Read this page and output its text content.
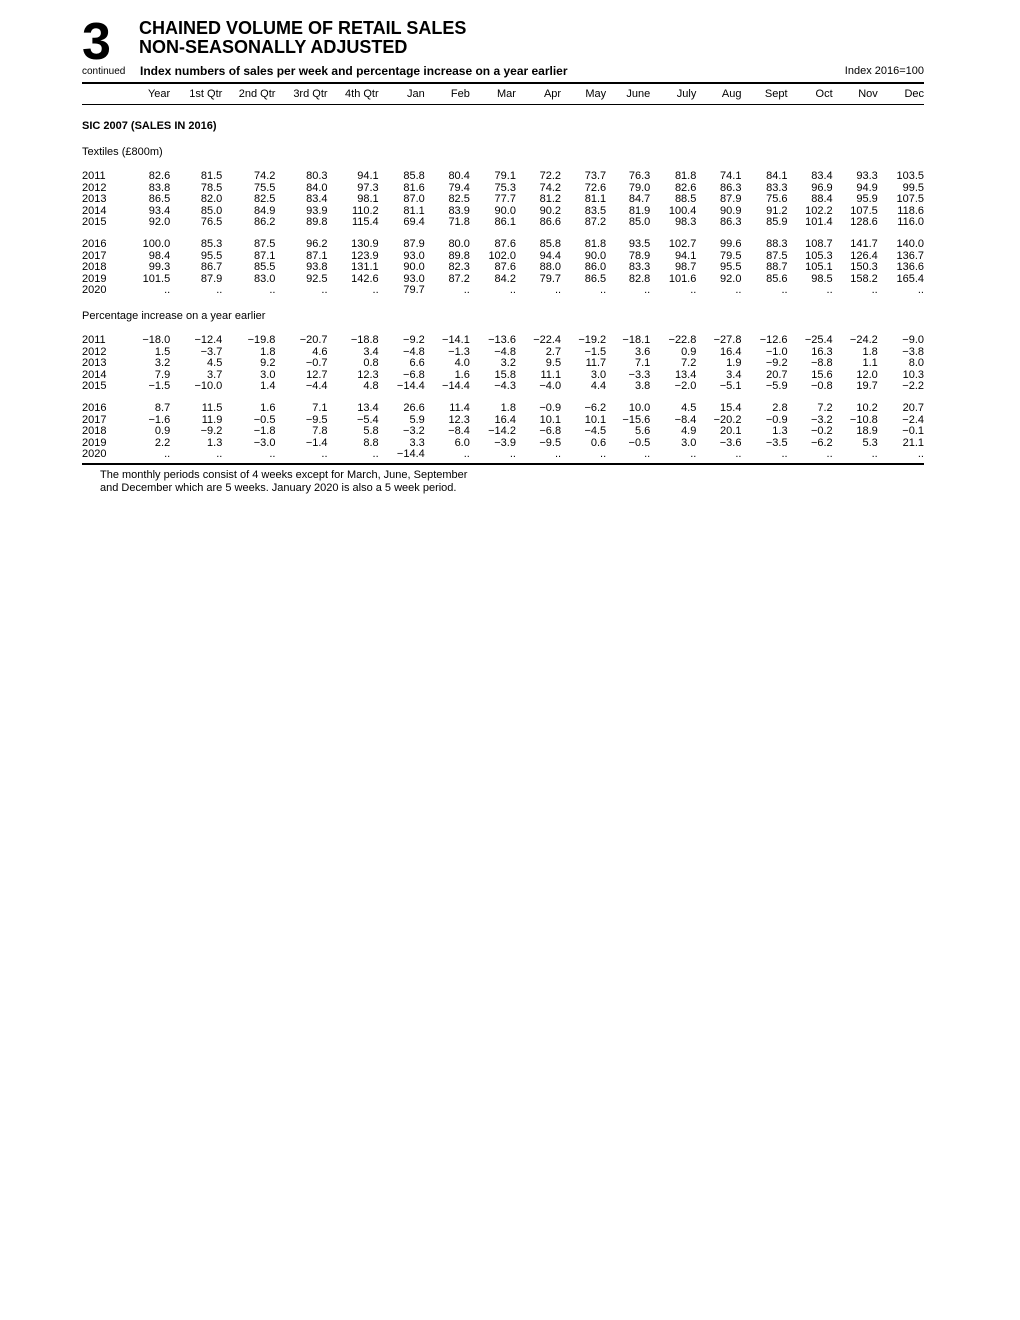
3
continued
CHAINED VOLUME OF RETAIL SALES
NON-SEASONALLY ADJUSTED
Index numbers of sales per week and percentage increase on a year earlier	Index 2016=100
	Year	1st Qtr	2nd Qtr	3rd Qtr	4th Qtr	Jan	Feb	Mar	Apr	May	June	July	Aug	Sept	Oct	Nov	Dec
SIC 2007 (SALES IN 2016)
Textiles (£800m)
2011	82.6	81.5	74.2	80.3	94.1	85.8	80.4	79.1	72.2	73.7	76.3	81.8	74.1	84.1	83.4	93.3	103.5
2012	83.8	78.5	75.5	84.0	97.3	81.6	79.4	75.3	74.2	72.6	79.0	82.6	86.3	83.3	96.9	94.9	99.5
2013	86.5	82.0	82.5	83.4	98.1	87.0	82.5	77.7	81.2	81.1	84.7	88.5	87.9	75.6	88.4	95.9	107.5
2014	93.4	85.0	84.9	93.9	110.2	81.1	83.9	90.0	90.2	83.5	81.9	100.4	90.9	91.2	102.2	107.5	118.6
2015	92.0	76.5	86.2	89.8	115.4	69.4	71.8	86.1	86.6	87.2	85.0	98.3	86.3	85.9	101.4	128.6	116.0
2016	100.0	85.3	87.5	96.2	130.9	87.9	80.0	87.6	85.8	81.8	93.5	102.7	99.6	88.3	108.7	141.7	140.0
2017	98.4	95.5	87.1	87.1	123.9	93.0	89.8	102.0	94.4	90.0	78.9	94.1	79.5	87.5	105.3	126.4	136.7
2018	99.3	86.7	85.5	93.8	131.1	90.0	82.3	87.6	88.0	86.0	83.3	98.7	95.5	88.7	105.1	150.3	136.6
2019	101.5	87.9	83.0	92.5	142.6	93.0	87.2	84.2	79.7	86.5	82.8	101.6	92.0	85.6	98.5	158.2	165.4
2020	..	..	..	..	..	79.7	..	..	..	..	..	..	..	..	..	..	..
Percentage increase on a year earlier
2011	−18.0	−12.4	−19.8	−20.7	−18.8	−9.2	−14.1	−13.6	−22.4	−19.2	−18.1	−22.8	−27.8	−12.6	−25.4	−24.2	−9.0
2012	1.5	−3.7	1.8	4.6	3.4	−4.8	−1.3	−4.8	2.7	−1.5	3.6	0.9	16.4	−1.0	16.3	1.8	−3.8
2013	3.2	4.5	9.2	−0.7	0.8	6.6	4.0	3.2	9.5	11.7	7.1	7.2	1.9	−9.2	−8.8	1.1	8.0
2014	7.9	3.7	3.0	12.7	12.3	−6.8	1.6	15.8	11.1	3.0	−3.3	13.4	3.4	20.7	15.6	12.0	10.3
2015	−1.5	−10.0	1.4	−4.4	4.8	−14.4	−14.4	−4.3	−4.0	4.4	3.8	−2.0	−5.1	−5.9	−0.8	19.7	−2.2
2016	8.7	11.5	1.6	7.1	13.4	26.6	11.4	1.8	−0.9	−6.2	10.0	4.5	15.4	2.8	7.2	10.2	20.7
2017	−1.6	11.9	−0.5	−9.5	−5.4	5.9	12.3	16.4	10.1	10.1	−15.6	−8.4	−20.2	−0.9	−3.2	−10.8	−2.4
2018	0.9	−9.2	−1.8	7.8	5.8	−3.2	−8.4	−14.2	−6.8	−4.5	5.6	4.9	20.1	1.3	−0.2	18.9	−0.1
2019	2.2	1.3	−3.0	−1.4	8.8	3.3	6.0	−3.9	−9.5	0.6	−0.5	3.0	−3.6	−3.5	−6.2	5.3	21.1
2020	..	..	..	..	..	−14.4	..	..	..	..	..	..	..	..	..	..	..
The monthly periods consist of 4 weeks except for March, June, September
and December which are 5 weeks. January 2020 is also a 5 week period.
